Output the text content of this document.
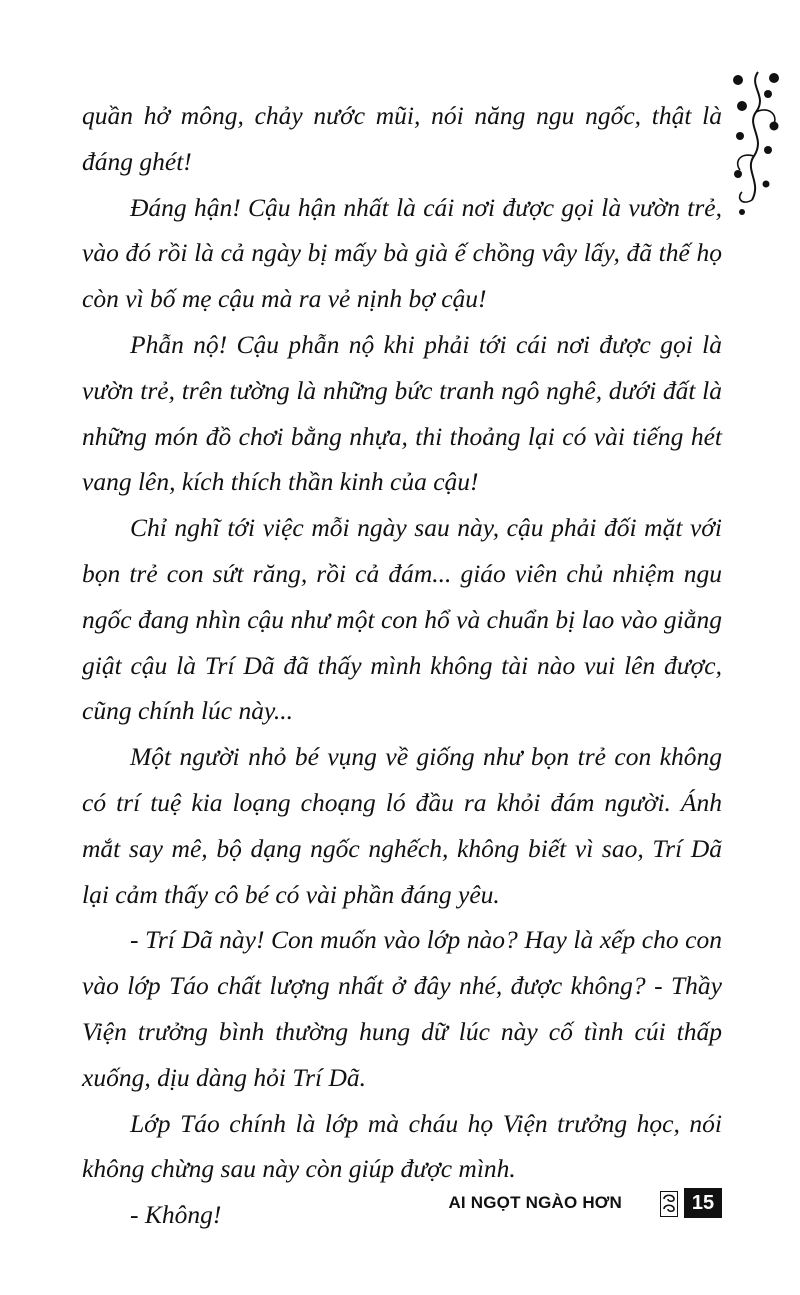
quần hở mông, chảy nước mũi, nói năng ngu ngốc, thật là đáng ghét!

Đáng hận! Cậu hận nhất là cái nơi được gọi là vườn trẻ, vào đó rồi là cả ngày bị mấy bà già ế chồng vây lấy, đã thế họ còn vì bố mẹ cậu mà ra vẻ nịnh bợ cậu!

Phẫn nộ! Cậu phẫn nộ khi phải tới cái nơi được gọi là vườn trẻ, trên tường là những bức tranh ngô nghê, dưới đất là những món đồ chơi bằng nhựa, thi thoảng lại có vài tiếng hét vang lên, kích thích thần kinh của cậu!

Chỉ nghĩ tới việc mỗi ngày sau này, cậu phải đối mặt với bọn trẻ con sứt răng, rồi cả đám... giáo viên chủ nhiệm ngu ngốc đang nhìn cậu như một con hổ và chuẩn bị lao vào giằng giật cậu là Trí Dã đã thấy mình không tài nào vui lên được, cũng chính lúc này...

Một người nhỏ bé vụng về giống như bọn trẻ con không có trí tuệ kia loạng choạng ló đầu ra khỏi đám người. Ánh mắt say mê, bộ dạng ngốc nghếch, không biết vì sao, Trí Dã lại cảm thấy cô bé có vài phần đáng yêu.

- Trí Dã này! Con muốn vào lớp nào? Hay là xếp cho con vào lớp Táo chất lượng nhất ở đây nhé, được không? - Thầy Viện trưởng bình thường hung dữ lúc này cố tình cúi thấp xuống, dịu dàng hỏi Trí Dã.

Lớp Táo chính là lớp mà cháu họ Viện trưởng học, nói không chừng sau này còn giúp được mình.

- Không!	AI NGỌT NGÀO HƠN	15
